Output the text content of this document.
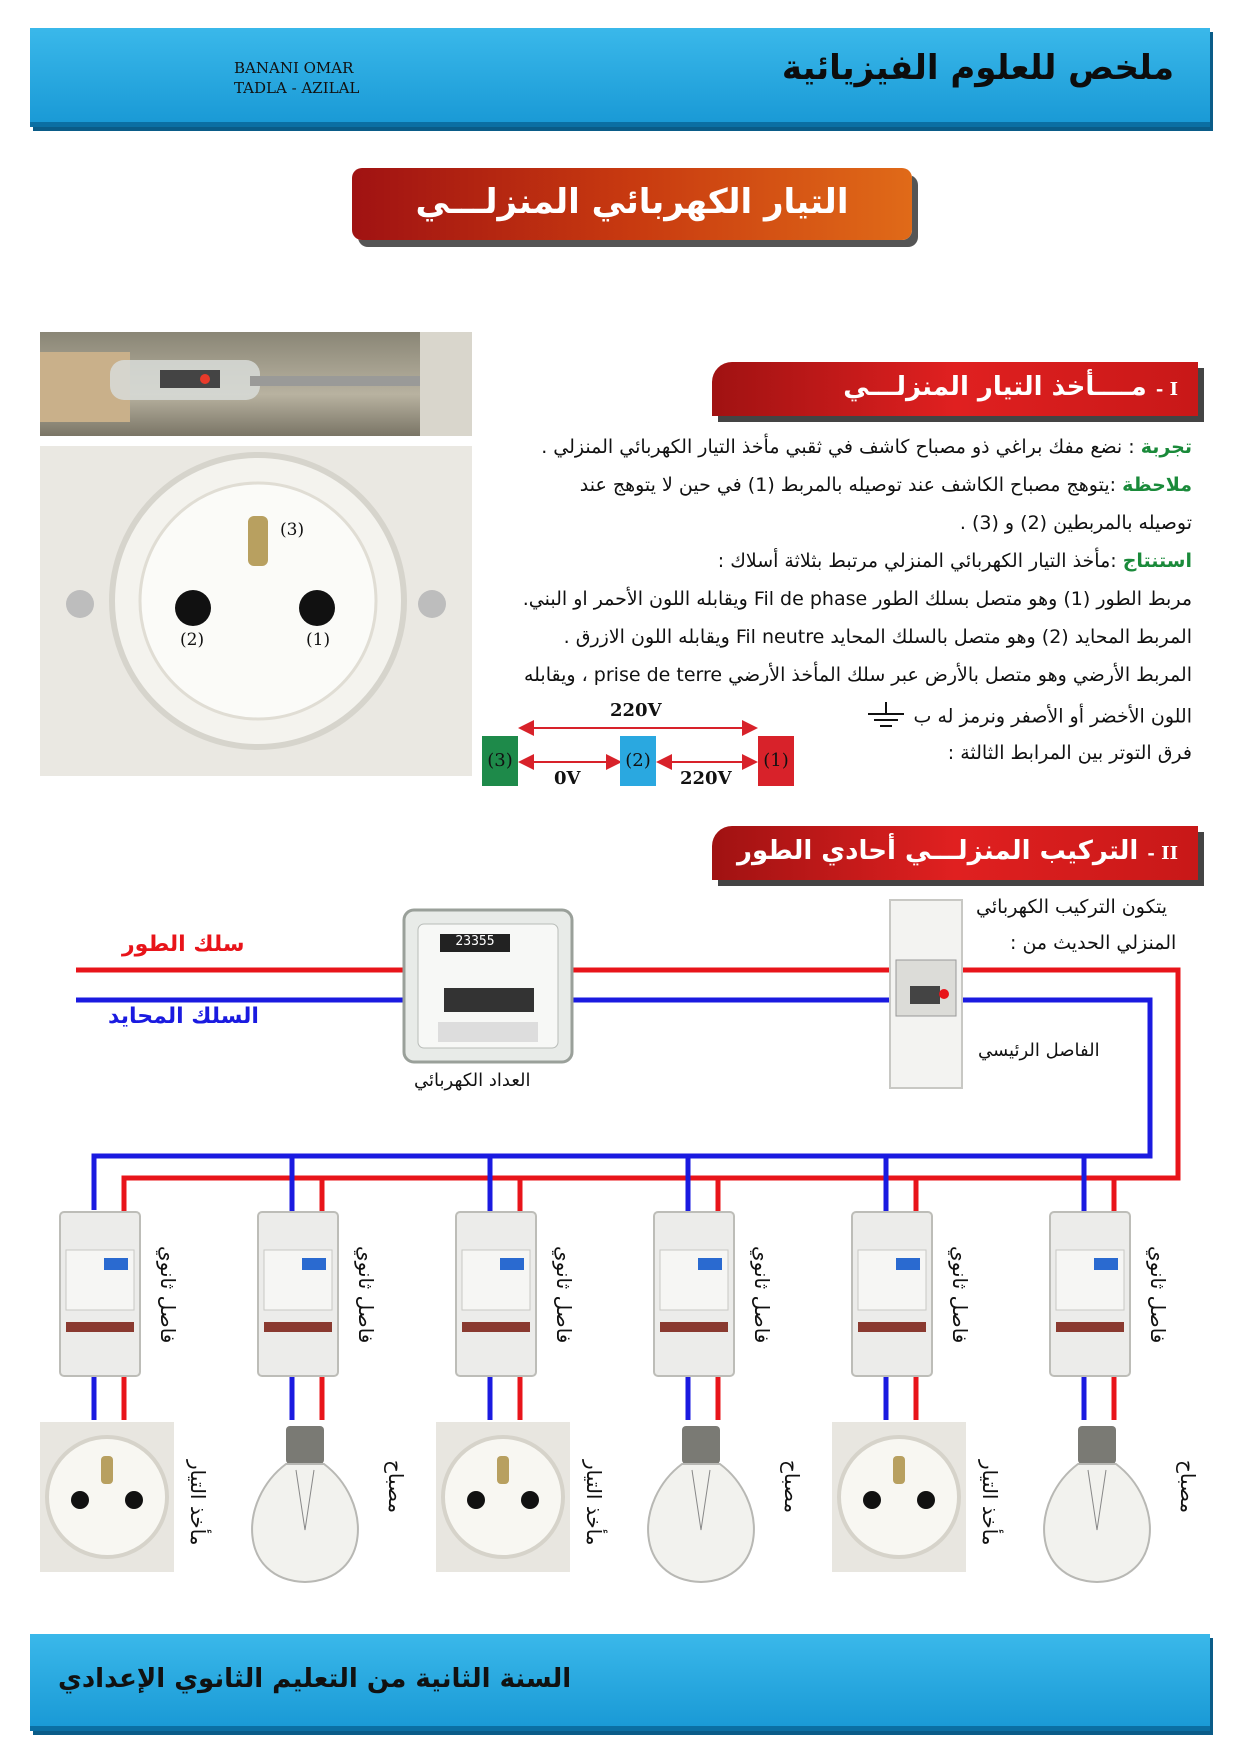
BANANI OMAR
TADLA - AZILAL	ملخص للعلوم الفيزيائية
التيار الكهربائي المنزلـــي
(3)
(2)	(1)
I - مــــأخذ التيار المنزلـــي
تجربة : نضع مفك براغي ذو مصباح كاشف في ثقبي مأخذ التيار الكهربائي المنزلي .
ملاحظة :يتوهج مصباح الكاشف عند توصيله بالمربط (1) في حين لا يتوهج عند
توصيله بالمربطين (2) و (3) .
استنتاج :مأخذ التيار الكهربائي المنزلي مرتبط بثلاثة أسلاك :
مربط الطور (1) وهو متصل بسلك الطور Fil de phase ويقابله اللون الأحمر او البني.
المربط المحايد (2) وهو متصل بالسلك المحايد Fil neutre ويقابله اللون الازرق .
المربط الأرضي وهو متصل بالأرض عبر سلك المأخذ الأرضي prise de terre ، ويقابله
اللون الأخضر أو الأصفر ونرمز له ب
فرق التوتر بين المرابط الثالثة :
220V
0V	220V
(3)	(2)	(1)
II - التركيب المنزلـــي أحادي الطور
سلك الطور
السلك المحايد
23355
العداد الكهربائي
الفاصل الرئيسي
يتكون التركيب الكهربائي
المنزلي الحديث من :
فاصل ثانوي	فاصل ثانوي	فاصل ثانوي	فاصل ثانوي	فاصل ثانوي	فاصل ثانوي
مأخذ التيار	مصباح	مأخذ التيار	مصباح	مأخذ التيار	مصباح
السنة الثانية من التعليم الثانوي الإعدادي
